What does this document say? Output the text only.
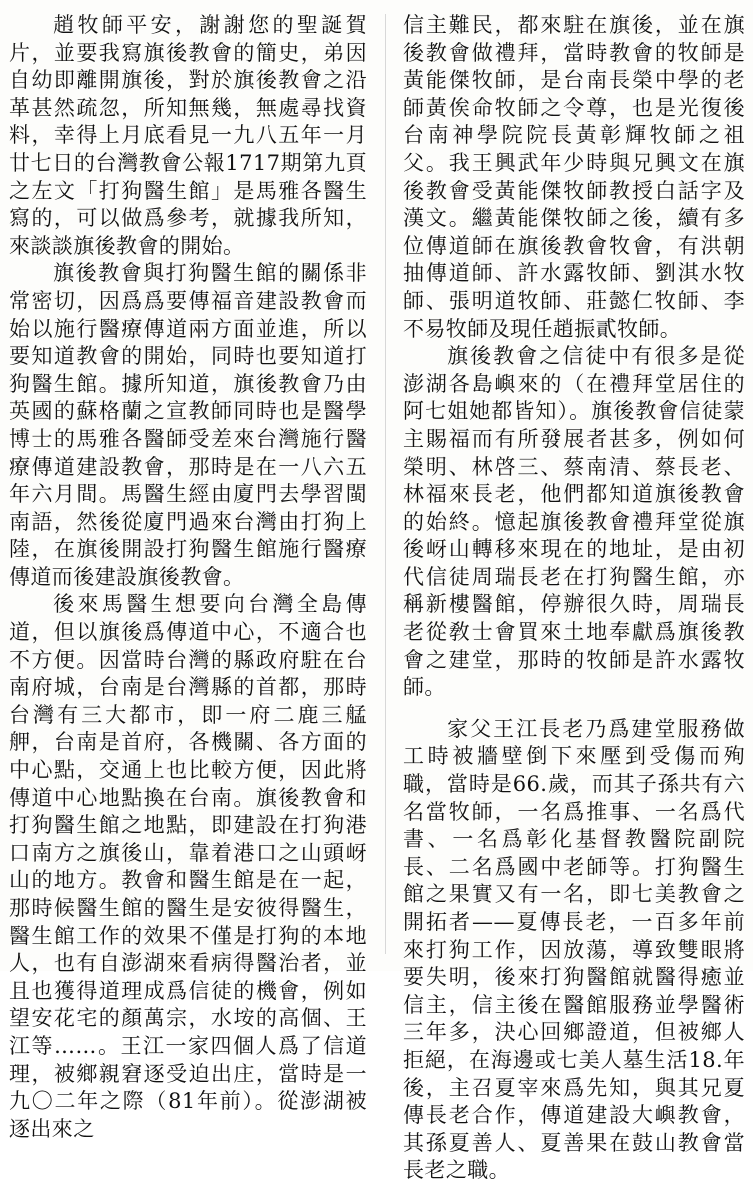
趙牧師平安，謝謝您的聖誕賀片，並要我寫旗後教會的簡史，弟因自幼即離開旗後，對於旗後教會之沿革甚然疏忽，所知無幾，無處尋找資料，幸得上月底看見一九八五年一月廿七日的台灣教會公報1717期第九頁之左文「打狗醫生館」是馬雅各醫生寫的，可以做爲參考，就據我所知，來談談旗後教會的開始。

旗後教會與打狗醫生館的關係非常密切，因爲爲要傳福音建設教會而始以施行醫療傳道兩方面並進，所以要知道教會的開始，同時也要知道打狗醫生館。據所知道，旗後教會乃由英國的蘇格蘭之宣教師同時也是醫學博士的馬雅各醫師受差來台灣施行醫療傳道建設教會，那時是在一八六五年六月間。馬醫生經由廈門去學習閩南語，然後從廈門過來台灣由打狗上陸，在旗後開設打狗醫生館施行醫療傳道而後建設旗後教會。

後來馬醫生想要向台灣全島傳道，但以旗後爲傳道中心，不適合也不方便。因當時台灣的縣政府駐在台南府城，台南是台灣縣的首都，那時台灣有三大都市，即一府二鹿三艋舺，台南是首府，各機關、各方面的中心點，交通上也比較方便，因此將傳道中心地點換在台南。旗後教會和打狗醫生館之地點，即建設在打狗港口南方之旗後山，靠着港口之山頭岈山的地方。教會和醫生館是在一起，那時候醫生館的醫生是安彼得醫生，醫生館工作的效果不僅是打狗的本地人，也有自澎湖來看病得醫治者，並且也獲得道理成爲信徒的機會，例如望安花宅的顏萬宗，水垵的高個、王江等……。王江一家四個人爲了信道理，被鄉親窘逐受迫出庄，當時是一九〇二年之際（81年前）。從澎湖被逐出來之

信主難民，都來駐在旗後，並在旗後教會做禮拜，當時教會的牧師是黃能傑牧師，是台南長榮中學的老師黃俟命牧師之令尊，也是光復後台南神學院院長黃彰輝牧師之祖父。我王興武年少時與兄興文在旗後教會受黃能傑牧師教授白話字及漢文。繼黃能傑牧師之後，續有多位傳道師在旗後教會牧會，有洪朝抽傳道師、許水露牧師、劉淇水牧師、張明道牧師、莊懿仁牧師、李不易牧師及現任趙振貳牧師。

旗後教會之信徒中有很多是從澎湖各島嶼來的（在禮拜堂居住的阿七姐她都皆知）。旗後教會信徒蒙主賜福而有所發展者甚多，例如何榮明、林啓三、蔡南清、蔡長老、林福來長老，他們都知道旗後教會的始終。憶起旗後教會禮拜堂從旗後岈山轉移來現在的地址，是由初代信徒周瑞長老在打狗醫生館，亦稱新樓醫館，停辦很久時，周瑞長老從敎士會買來土地奉獻爲旗後教會之建堂，那時的牧師是許水露牧師。

家父王江長老乃爲建堂服務做工時被牆壁倒下來壓到受傷而殉職，當時是66.歲，而其子孫共有六名當牧師，一名爲推事、一名爲代書、一名爲彰化基督教醫院副院長、二名爲國中老師等。打狗醫生館之果實又有一名，即七美教會之開拓者——夏傳長老，一百多年前來打狗工作，因放蕩，導致雙眼將要失明，後來打狗醫館就醫得癒並信主，信主後在醫館服務並學醫術三年多，決心回鄉證道，但被鄉人拒絕，在海邊或七美人墓生活18.年後，主召夏宰來爲先知，與其兄夏傳長老合作，傳道建設大嶼教會，其孫夏善人、夏善果在鼓山教會當長老之職。
